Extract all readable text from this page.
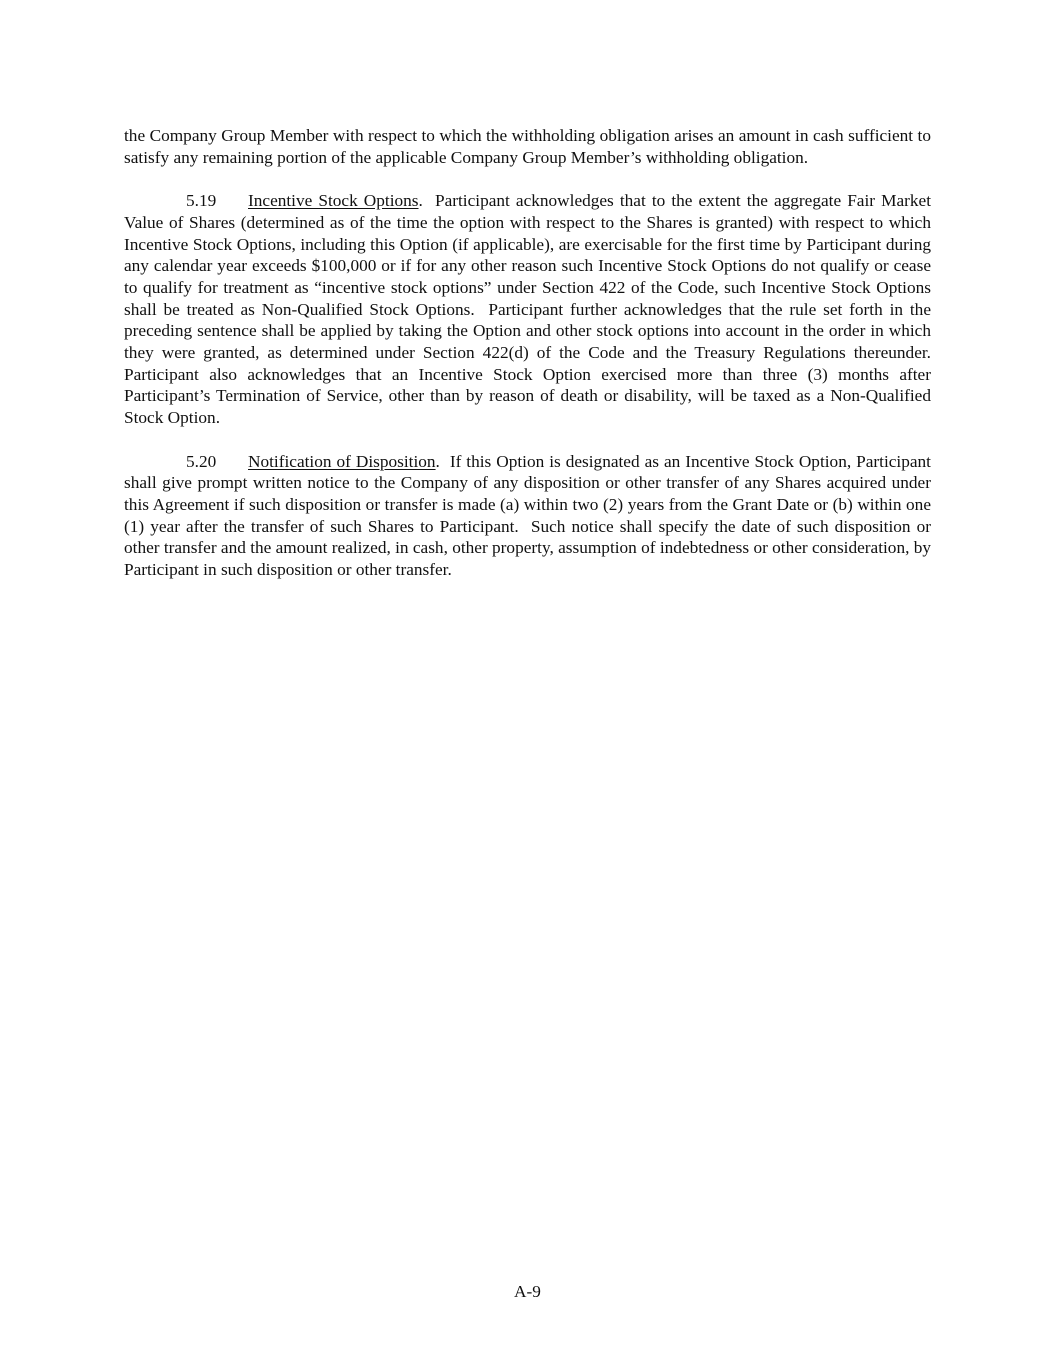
the Company Group Member with respect to which the withholding obligation arises an amount in cash sufficient to satisfy any remaining portion of the applicable Company Group Member’s withholding obligation.

5.19 Incentive Stock Options.  Participant acknowledges that to the extent the aggregate Fair Market Value of Shares (determined as of the time the option with respect to the Shares is granted) with respect to which Incentive Stock Options, including this Option (if applicable), are exercisable for the first time by Participant during any calendar year exceeds $100,000 or if for any other reason such Incentive Stock Options do not qualify or cease to qualify for treatment as “incentive stock options” under Section 422 of the Code, such Incentive Stock Options shall be treated as Non-Qualified Stock Options.  Participant further acknowledges that the rule set forth in the preceding sentence shall be applied by taking the Option and other stock options into account in the order in which they were granted, as determined under Section 422(d) of the Code and the Treasury Regulations thereunder.  Participant also acknowledges that an Incentive Stock Option exercised more than three (3) months after Participant’s Termination of Service, other than by reason of death or disability, will be taxed as a Non-Qualified Stock Option.

5.20 Notification of Disposition.  If this Option is designated as an Incentive Stock Option, Participant shall give prompt written notice to the Company of any disposition or other transfer of any Shares acquired under this Agreement if such disposition or transfer is made (a) within two (2) years from the Grant Date or (b) within one (1) year after the transfer of such Shares to Participant.  Such notice shall specify the date of such disposition or other transfer and the amount realized, in cash, other property, assumption of indebtedness or other consideration, by Participant in such disposition or other transfer.

A-9
